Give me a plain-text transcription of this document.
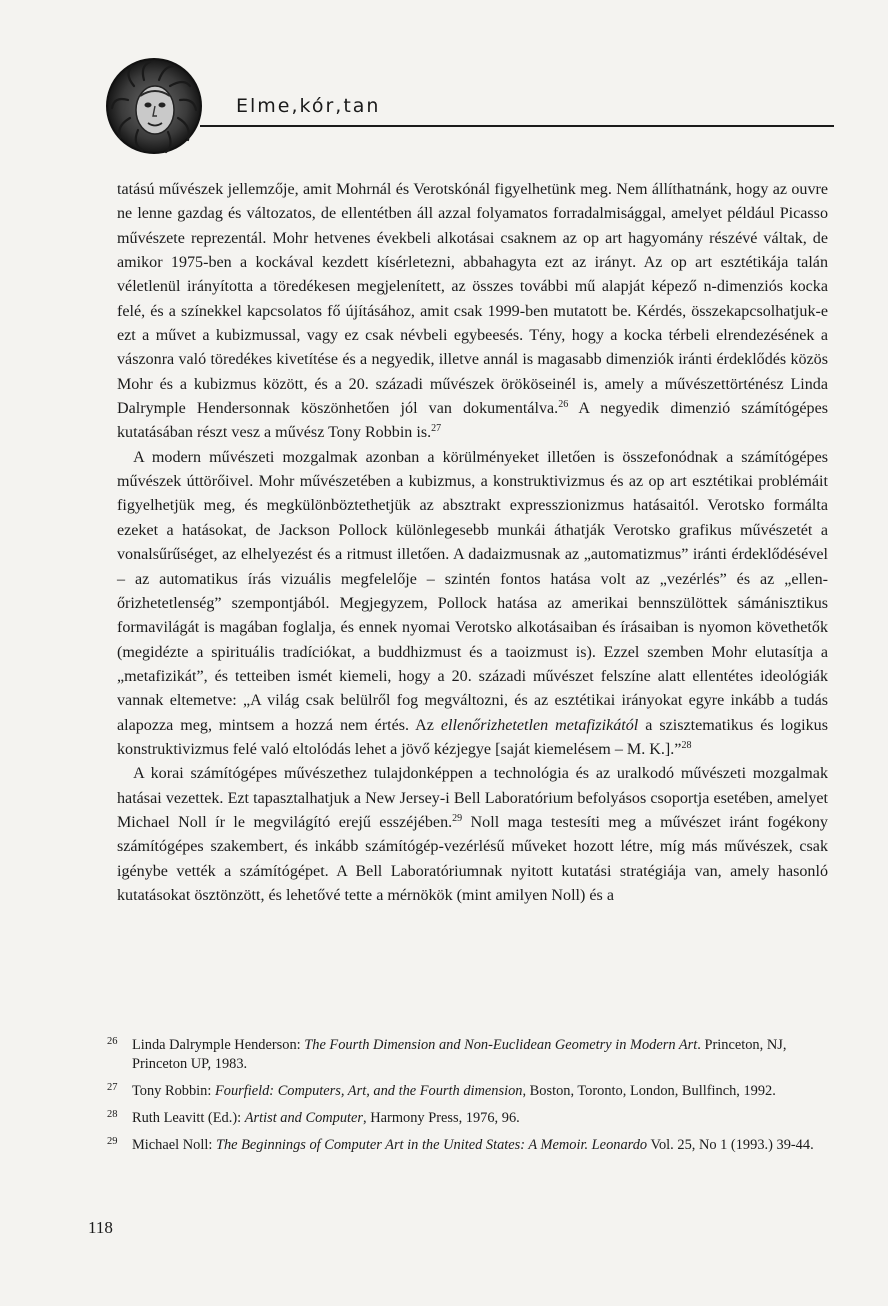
Elme,kór,tan

tatású művészek jellemzője, amit Mohrnál és Verotskónál figyelhetünk meg. Nem állíthatnánk, hogy az ouvre ne lenne gazdag és változatos, de ellentétben áll azzal folyamatos forradalmisággal, amelyet például Picasso művészete reprezentál. Mohr hetvenes évekbeli alkotásai csaknem az op art hagyomány részévé váltak, de amikor 1975-ben a kockával kezdett kísérletezni, abbahagyta ezt az irányt. Az op art esztétikája talán véletlenül irányította a töredékesen megjelenített, az összes további mű alapját képező n-dimenziós kocka felé, és a színekkel kapcsolatos fő újításához, amit csak 1999-ben mutatott be. Kérdés, összekapcsolhatjuk-e ezt a művet a kubizmussal, vagy ez csak névbeli egybeesés. Tény, hogy a kocka térbeli elrendezésének a vászonra való töredékes kivetítése és a negyedik, illetve annál is magasabb dimenziók iránti érdeklődés közös Mohr és a kubizmus között, és a 20. századi művészek örököseinél is, amely a művészettörténész Linda Dalrymple Hendersonnak köszönhetően jól van dokumentálva.$^{26}$ A negyedik dimenzió számítógépes kutatásában részt vesz a művész Tony Robbin is.$^{27}$

 A modern művészeti mozgalmak azonban a körülményeket illetően is összefonódnak a számítógépes művészek úttörőivel. Mohr művészetében a kubizmus, a konstruktivizmus és az op art esztétikai problémáit figyelhetjük meg, és megkülönböztethetjük az absztrakt expresszionizmus hatásaitól. Verotsko formálta ezeket a hatásokat, de Jackson Pollock különlegesebb munkái áthatják Verotsko grafikus művészetét a vonalsűrűséget, az elhelyezést és a ritmust illetően. A dadaizmusnak az „automatizmus” iránti érdeklődésével – az automatikus írás vizuális megfelelője – szintén fontos hatása volt az „vezérlés” és az „ellenőrizhetetlenség” szempontjából. Megjegyzem, Pollock hatása az amerikai bennszülöttek sámánisztikus formavilágát is magában foglalja, és ennek nyomai Verotsko alkotásaiban és írásaiban is nyomon követhetők (megidézte a spirituális tradíciókat, a buddhizmust és a taoizmust is). Ezzel szemben Mohr elutasítja a „metafizikát”, és tetteiben ismét kiemeli, hogy a 20. századi művészet felszíne alatt ellentétes ideológiák vannak eltemetve: „A világ csak belülről fog megváltozni, és az esztétikai irányokat egyre inkább a tudás alapozza meg, mintsem a hozzá nem értés. Az ellenőrizhetetlen metafizikától a szisztematikus és logikus konstruktivizmus felé való eltolódás lehet a jövő kézjegye [saját kiemelésem – M. K.].”$^{28}$

 A korai számítógépes művészethez tulajdonképpen a technológia és az uralkodó művészeti mozgalmak hatásai vezettek. Ezt tapasztalhatjuk a New Jersey-i Bell Laboratórium befolyásos csoportja esetében, amelyet Michael Noll ír le megvilágító erejű esszéjében.$^{29}$ Noll maga testesíti meg a művészet iránt fogékony számítógépes szakembert, és inkább számítógép-vezérlésű műveket hozott létre, míg más művészek, csak igénybe vették a számítógépet. A Bell Laboratóriumnak nyitott kutatási stratégiája van, amely hasonló kutatásokat ösztönzött, és lehetővé tette a mérnökök (mint amilyen Noll) és a

26 Linda Dalrymple Henderson: The Fourth Dimension and Non-Euclidean Geometry in Modern Art. Princeton, NJ, Princeton UP, 1983.
27 Tony Robbin: Fourfield: Computers, Art, and the Fourth dimension, Boston, Toronto, London, Bullfinch, 1992.
28 Ruth Leavitt (Ed.): Artist and Computer, Harmony Press, 1976, 96.
29 Michael Noll: The Beginnings of Computer Art in the United States: A Memoir. Leonardo Vol. 25, No 1 (1993.) 39-44.
118
